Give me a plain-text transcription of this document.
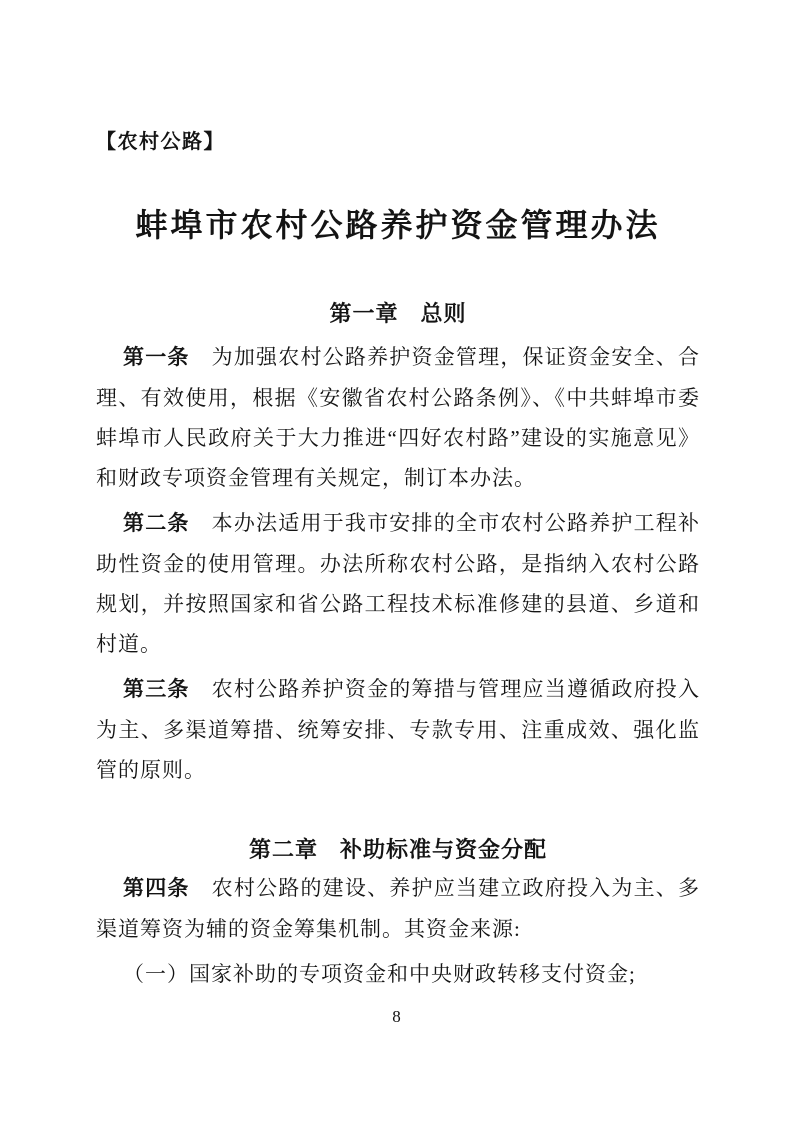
【农村公路】
蚌埠市农村公路养护资金管理办法
第一章 总则

第一条 为加强农村公路养护资金管理，保证资金安全、合理、有效使用，根据《安徽省农村公路条例》、《中共蚌埠市委蚌埠市人民政府关于大力推进“四好农村路”建设的实施意见》和财政专项资金管理有关规定，制订本办法。

第二条 本办法适用于我市安排的全市农村公路养护工程补助性资金的使用管理。办法所称农村公路，是指纳入农村公路规划，并按照国家和省公路工程技术标准修建的县道、乡道和村道。

第三条 农村公路养护资金的筹措与管理应当遵循政府投入为主、多渠道筹措、统筹安排、专款专用、注重成效、强化监管的原则。

第二章 补助标准与资金分配

第四条 农村公路的建设、养护应当建立政府投入为主、多渠道筹资为辅的资金筹集机制。其资金来源:

（一）国家补助的专项资金和中央财政转移支付资金;

8
